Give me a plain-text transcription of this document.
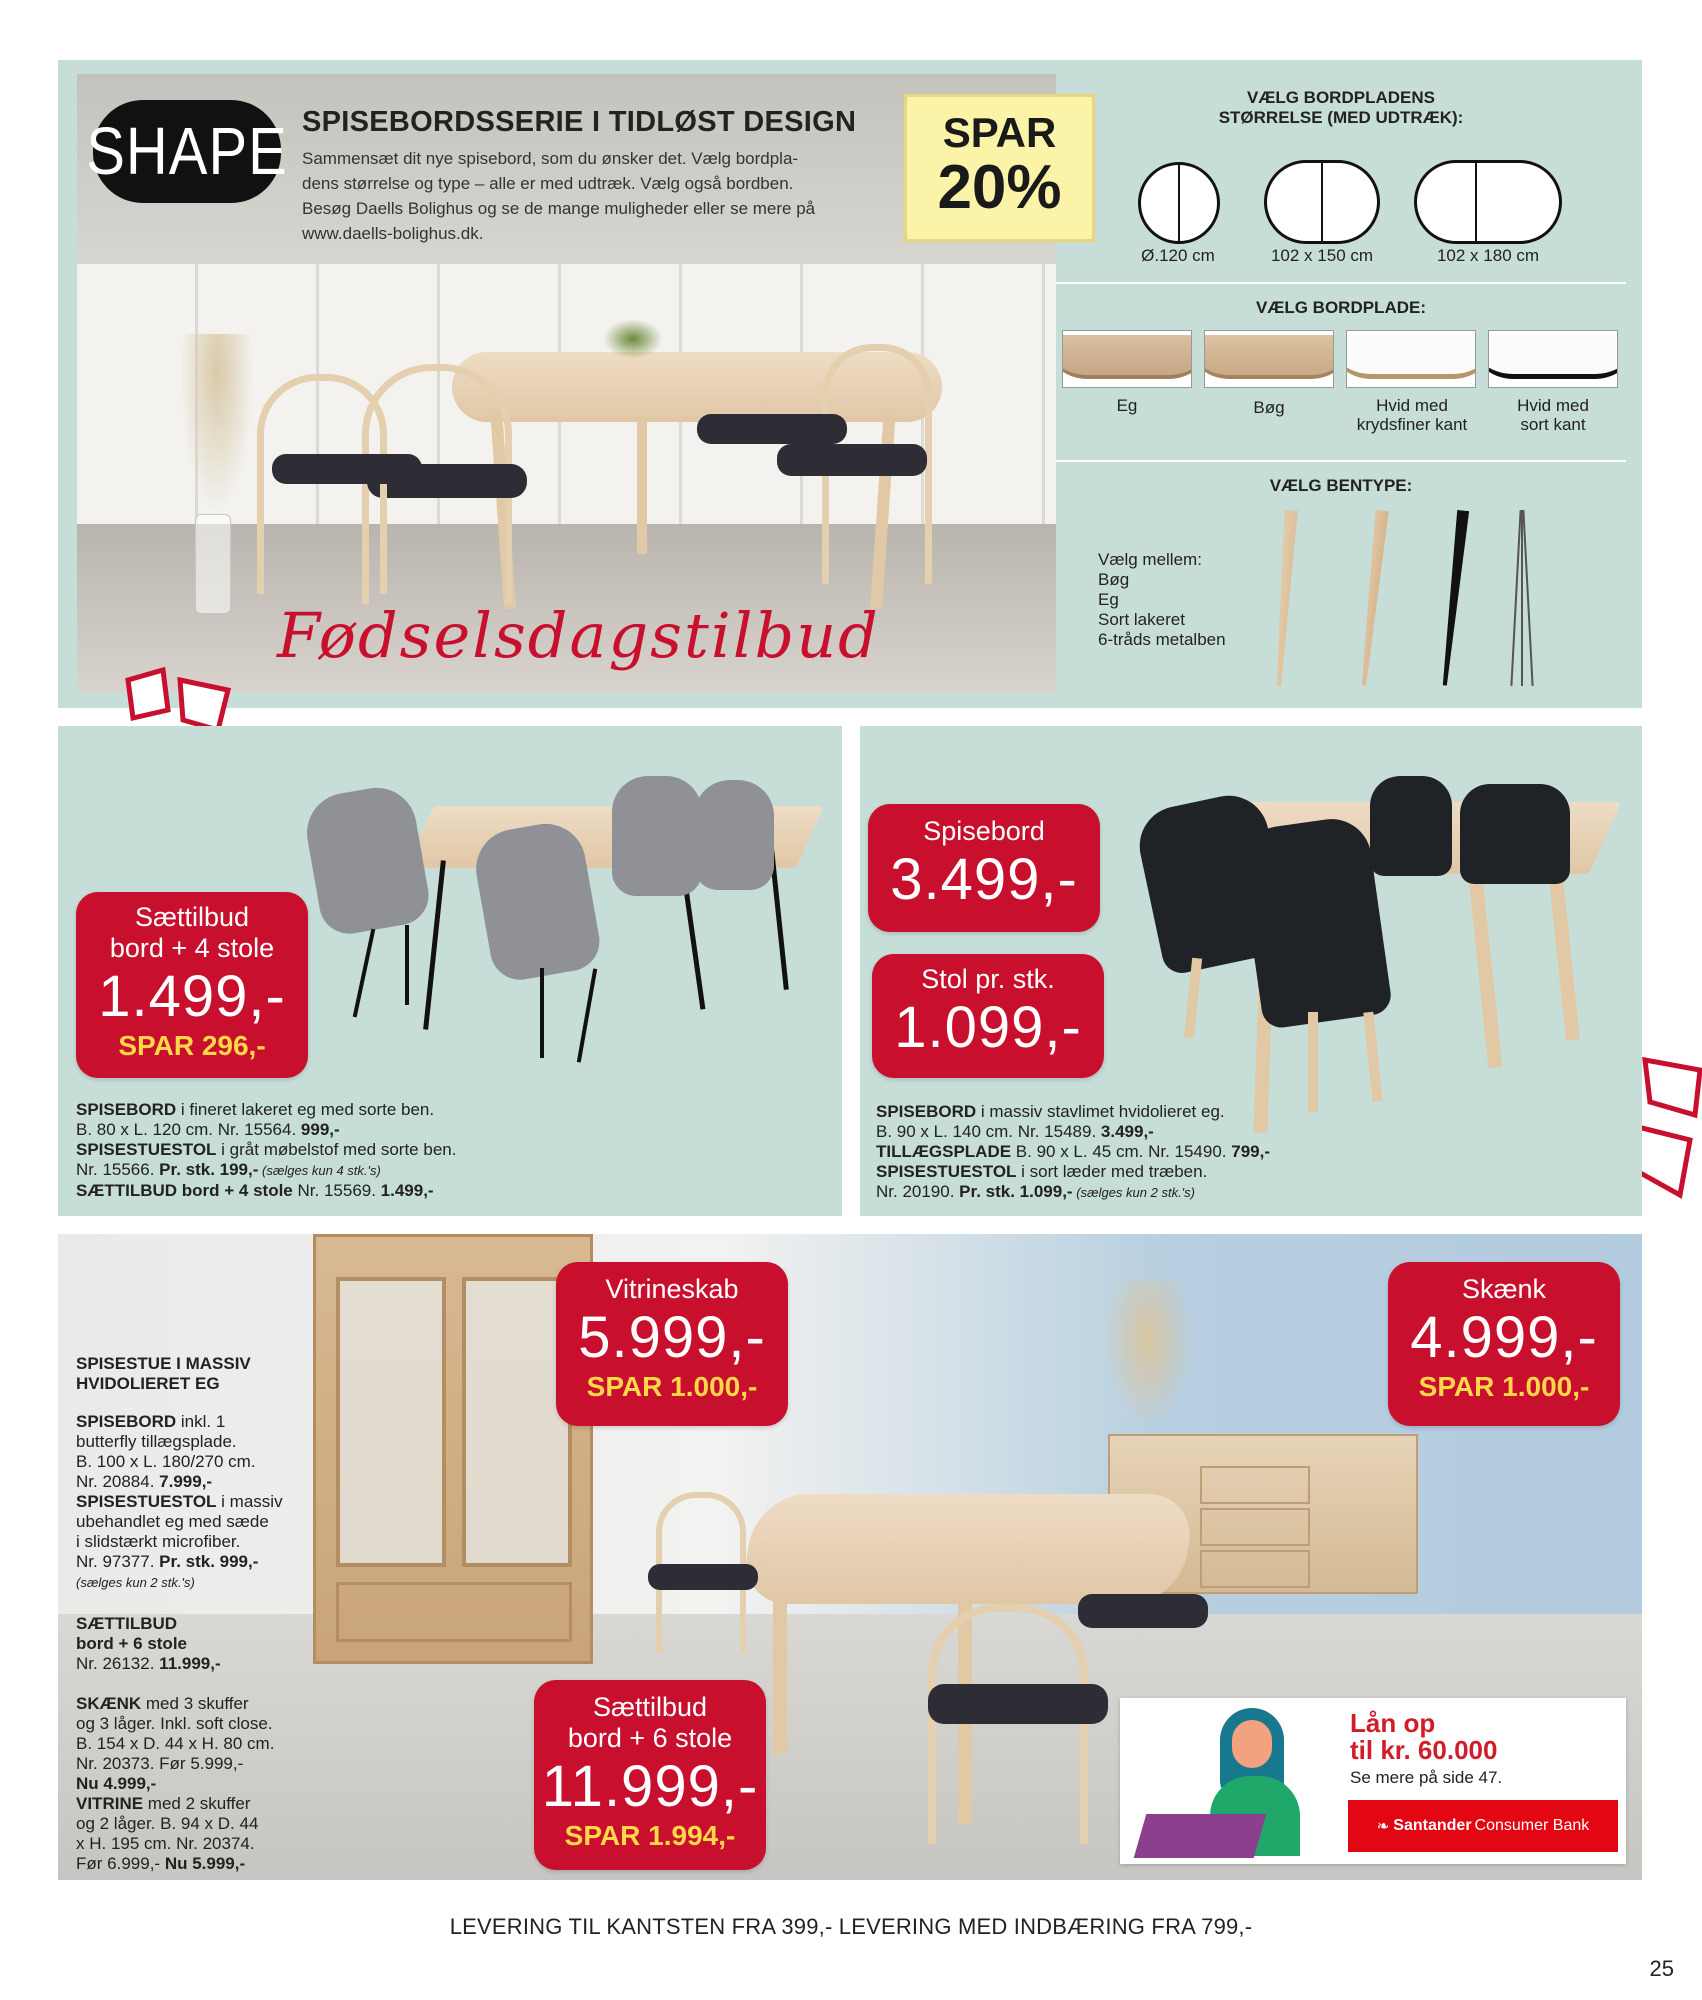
Fødselsdagstilbud
SHAPE SPISEBORDSSERIE I TIDLØST DESIGN
Sammensæt dit nye spisebord, som du ønsker det. Vælg bordpla-
dens størrelse og type – alle er med udtræk. Vælg også bordben.
Besøg Daells Bolighus og se de mange muligheder eller se mere på
www.daells-bolighus.dk.
SPAR
20%
VÆLG BORDPLADENS
STØRRELSE (MED UDTRÆK):
Ø.120 cm	102 x 150 cm	102 x 180 cm
VÆLG BORDPLADE:
Eg	Bøg	Hvid med
krydsfiner kant
Hvid med
sort kant
VÆLG BENTYPE:
Vælg mellem:
Bøg
Eg
Sort lakeret
6-tråds metalben
Sættilbud
bord + 4 stole
1.499,-
SPAR 296,-
SPISEBORD i fineret lakeret eg med sorte ben.
B. 80 x L. 120 cm. Nr. 15564. 999,-
SPISESTUESTOL i gråt møbelstof med sorte ben.
Nr. 15566. Pr. stk. 199,- (sælges kun 4 stk.'s)
SÆTTILBUD bord + 4 stole Nr. 15569. 1.499,-
Spisebord
3.499,-
Stol pr. stk.
1.099,-
SPISEBORD i massiv stavlimet hvidolieret eg.
B. 90 x L. 140 cm. Nr. 15489. 3.499,-
TILLÆGSPLADE B. 90 x L. 45 cm. Nr. 15490. 799,-
SPISESTUESTOL i sort læder med træben.
Nr. 20190. Pr. stk. 1.099,- (sælges kun 2 stk.'s)
SPISESTUE I MASSIV
HVIDOLIERET EG
SPISEBORD inkl. 1
butterfly tillægsplade.
B. 100 x L. 180/270 cm.
Nr. 20884. 7.999,-
SPISESTUESTOL i massiv
ubehandlet eg med sæde
i slidstærkt microfiber.
Nr. 97377. Pr. stk. 999,-
(sælges kun 2 stk.'s)
SÆTTILBUD
bord + 6 stole
Nr. 26132. 11.999,-
SKÆNK med 3 skuffer
og 3 låger. Inkl. soft close.
B. 154 x D. 44 x H. 80 cm.
Nr. 20373. Før 5.999,-
Nu 4.999,-
VITRINE med 2 skuffer
og 2 låger. B. 94 x D. 44
x H. 195 cm. Nr. 20374.
Før 6.999,- Nu 5.999,-
Vitrineskab
5.999,-
SPAR 1.000,-
Skænk
4.999,-
SPAR 1.000,-
Sættilbud
bord + 6 stole
11.999,-
SPAR 1.994,-
Lån op
til kr. 60.000
Se mere på side 47.
❧ Santander Consumer Bank
LEVERING TIL KANTSTEN FRA 399,- LEVERING MED INDBÆRING FRA 799,-
25
